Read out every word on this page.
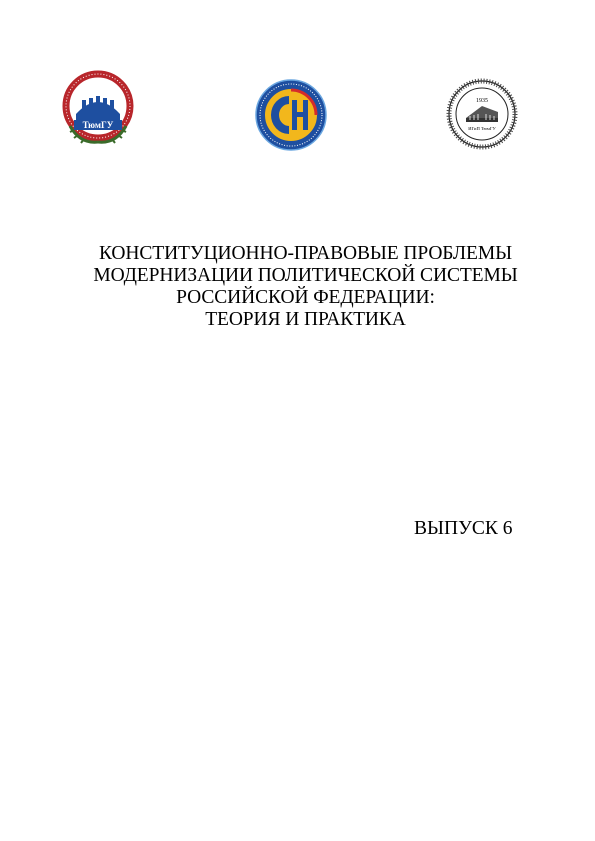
ТюмГУ
1935
ИГиП ТюмГУ
КОНСТИТУЦИОННО-ПРАВОВЫЕ ПРОБЛЕМЫ
МОДЕРНИЗАЦИИ ПОЛИТИЧЕСКОЙ СИСТЕМЫ
РОССИЙСКОЙ ФЕДЕРАЦИИ:
ТЕОРИЯ И ПРАКТИКА
ВЫПУСК 6
